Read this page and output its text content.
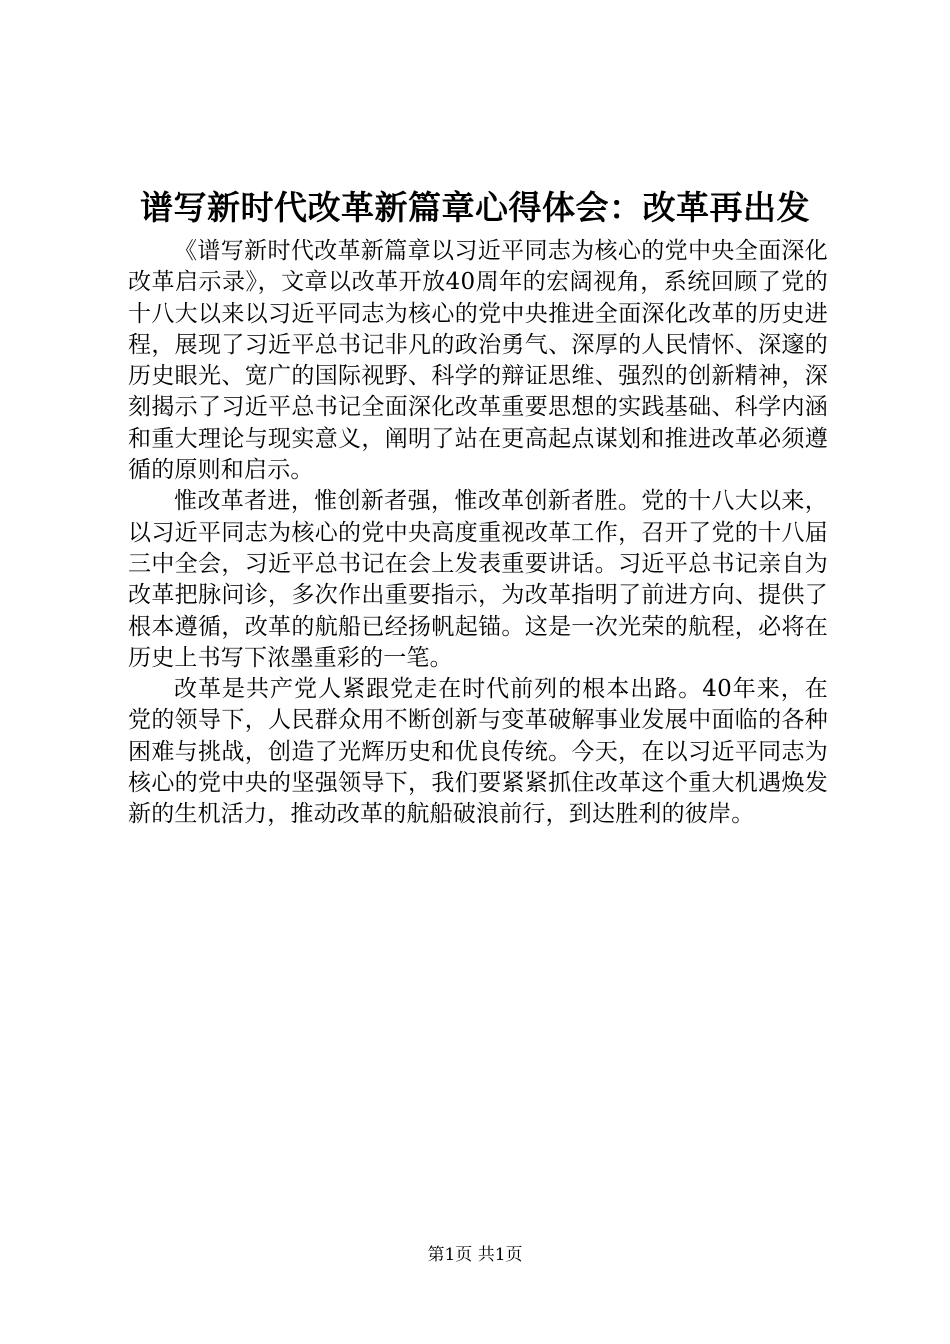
谱写新时代改革新篇章心得体会：改革再出发

《谱写新时代改革新篇章以习近平同志为核心的党中央全面深化改革启示录》，文章以改革开放40周年的宏阔视角，系统回顾了党的十八大以来以习近平同志为核心的党中央推进全面深化改革的历史进程，展现了习近平总书记非凡的政治勇气、深厚的人民情怀、深邃的历史眼光、宽广的国际视野、科学的辩证思维、强烈的创新精神，深刻揭示了习近平总书记全面深化改革重要思想的实践基础、科学内涵和重大理论与现实意义，阐明了站在更高起点谋划和推进改革必须遵循的原则和启示。

惟改革者进，惟创新者强，惟改革创新者胜。党的十八大以来，以习近平同志为核心的党中央高度重视改革工作，召开了党的十八届三中全会，习近平总书记在会上发表重要讲话。习近平总书记亲自为改革把脉问诊，多次作出重要指示，为改革指明了前进方向、提供了根本遵循，改革的航船已经扬帆起锚。这是一次光荣的航程，必将在历史上书写下浓墨重彩的一笔。

改革是共产党人紧跟党走在时代前列的根本出路。40年来，在党的领导下，人民群众用不断创新与变革破解事业发展中面临的各种困难与挑战，创造了光辉历史和优良传统。今天，在以习近平同志为核心的党中央的坚强领导下，我们要紧紧抓住改革这个重大机遇焕发新的生机活力，推动改革的航船破浪前行，到达胜利的彼岸。

第1页 共1页
